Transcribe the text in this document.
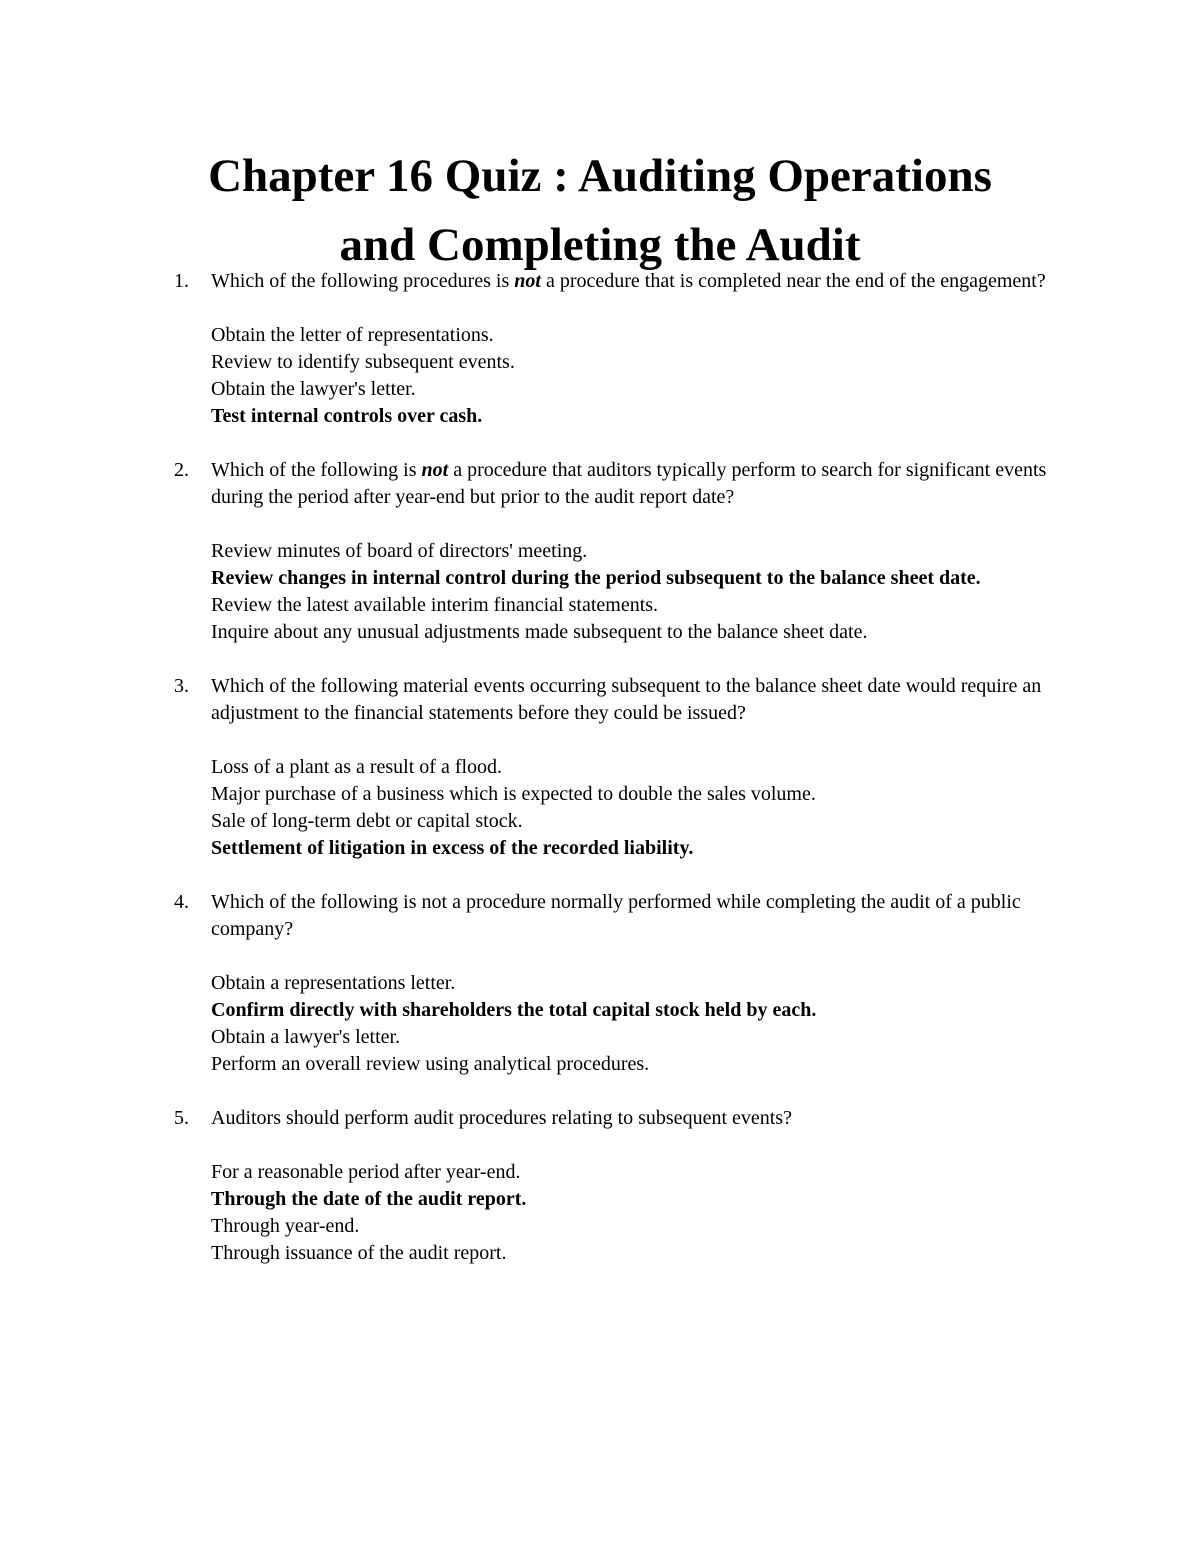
Chapter 16 Quiz : Auditing Operations
and Completing the Audit
1. Which of the following procedures is not a procedure that is completed near the end of the engagement?
Obtain the letter of representations.
Review to identify subsequent events.
Obtain the lawyer's letter.
Test internal controls over cash.
2. Which of the following is not a procedure that auditors typically perform to search for significant events during the period after year-end but prior to the audit report date?
Review minutes of board of directors' meeting.
Review changes in internal control during the period subsequent to the balance sheet date.
Review the latest available interim financial statements.
Inquire about any unusual adjustments made subsequent to the balance sheet date.
3. Which of the following material events occurring subsequent to the balance sheet date would require an adjustment to the financial statements before they could be issued?
Loss of a plant as a result of a flood.
Major purchase of a business which is expected to double the sales volume.
Sale of long-term debt or capital stock.
Settlement of litigation in excess of the recorded liability.
4. Which of the following is not a procedure normally performed while completing the audit of a public company?
Obtain a representations letter.
Confirm directly with shareholders the total capital stock held by each.
Obtain a lawyer's letter.
Perform an overall review using analytical procedures.
5. Auditors should perform audit procedures relating to subsequent events?
For a reasonable period after year-end.
Through the date of the audit report.
Through year-end.
Through issuance of the audit report.
